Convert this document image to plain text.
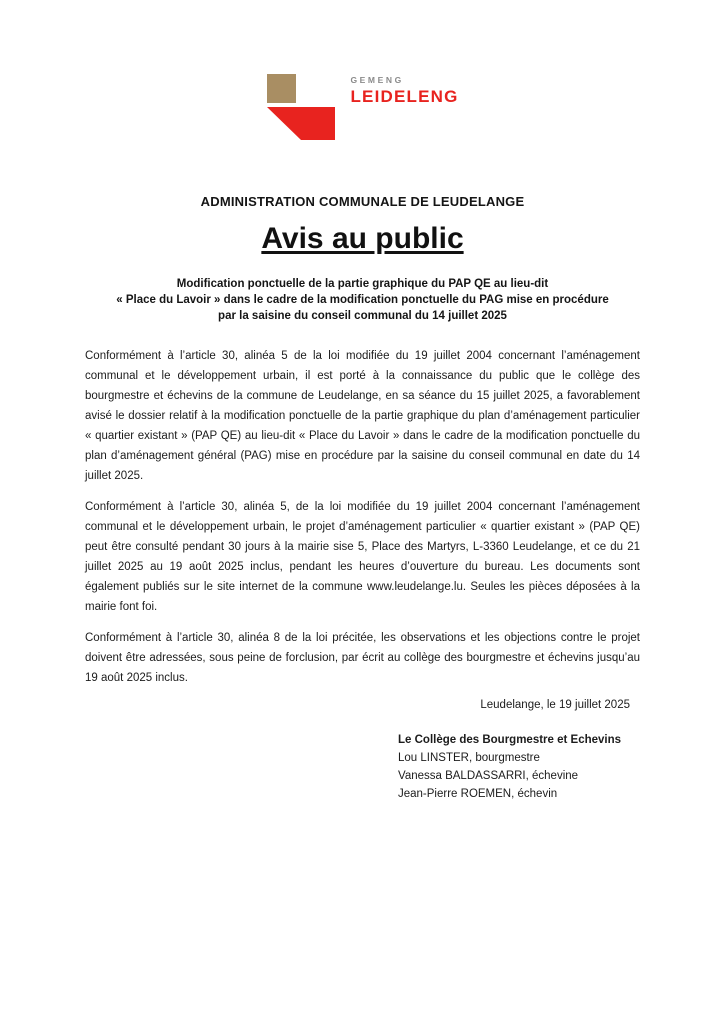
GEMENG
LEIDELENG
ADMINISTRATION COMMUNALE DE LEUDELANGE
Avis au public
Modification ponctuelle de la partie graphique du PAP QE au lieu-dit
« Place du Lavoir » dans le cadre de la modification ponctuelle du PAG mise en procédure
par la saisine du conseil communal du 14 juillet 2025

Conformément à l’article 30, alinéa 5 de la loi modifiée du 19 juillet 2004 concernant l’aménagement communal et le développement urbain, il est porté à la connaissance du public que le collège des bourgmestre et échevins de la commune de Leudelange, en sa séance du 15 juillet 2025, a favorablement avisé le dossier relatif à la modification ponctuelle de la partie graphique du plan d’aménagement particulier « quartier existant » (PAP QE) au lieu-dit « Place du Lavoir » dans le cadre de la modification ponctuelle du plan d’aménagement général (PAG) mise en procédure par la saisine du conseil communal en date du 14 juillet 2025.

Conformément à l’article 30, alinéa 5, de la loi modifiée du 19 juillet 2004 concernant l’aménagement communal et le développement urbain, le projet d’aménagement particulier « quartier existant » (PAP QE) peut être consulté pendant 30 jours à la mairie sise 5, Place des Martyrs, L-3360 Leudelange, et ce du 21 juillet 2025 au 19 août 2025 inclus, pendant les heures d’ouverture du bureau. Les documents sont également publiés sur le site internet de la commune www.leudelange.lu. Seules les pièces déposées à la mairie font foi.

Conformément à l’article 30, alinéa 8 de la loi précitée, les observations et les objections contre le projet doivent être adressées, sous peine de forclusion, par écrit au collège des bourgmestre et échevins jusqu’au 19 août 2025 inclus.

Leudelange, le 19 juillet 2025
Le Collège des Bourgmestre et Echevins
Lou LINSTER, bourgmestre
Vanessa BALDASSARRI, échevine
Jean-Pierre ROEMEN, échevin
